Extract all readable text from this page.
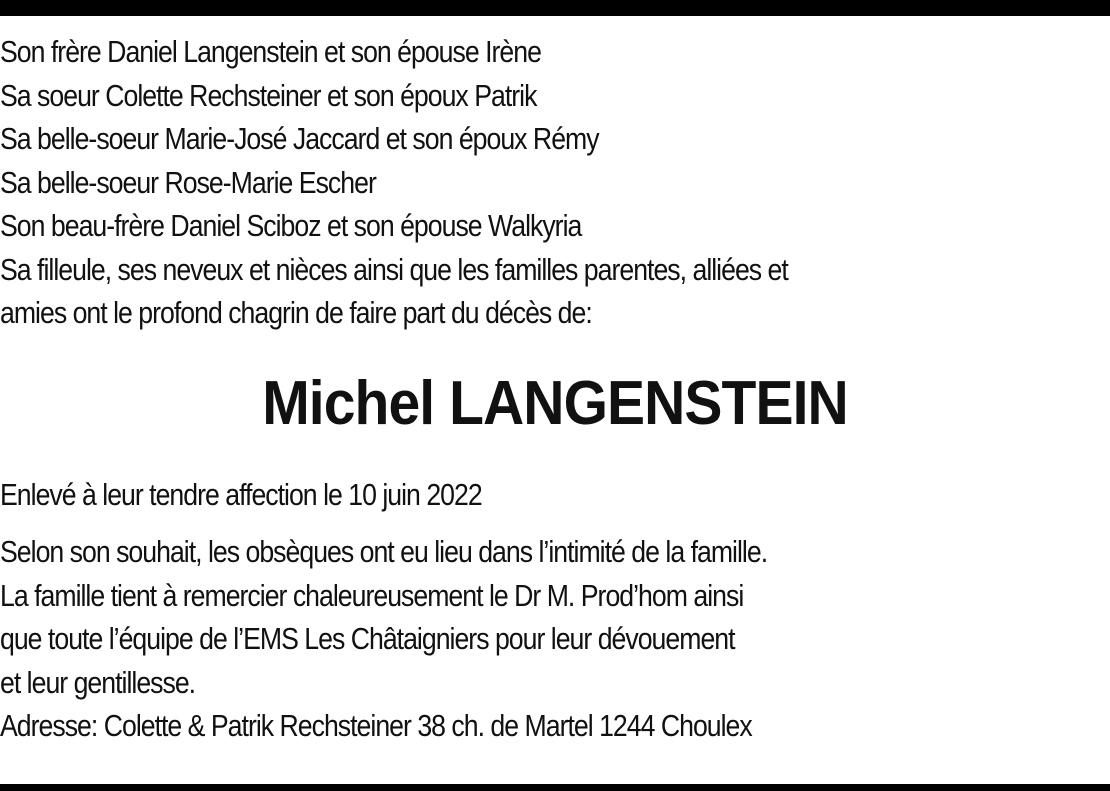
Son frère Daniel Langenstein et son épouse Irène
Sa soeur Colette Rechsteiner et son époux Patrik
Sa belle-soeur Marie-José Jaccard et son époux Rémy
Sa belle-soeur Rose-Marie Escher
Son beau-frère Daniel Sciboz et son épouse Walkyria
Sa filleule, ses neveux et nièces ainsi que les familles parentes, alliées et
amies ont le profond chagrin de faire part du décès de:
Michel LANGENSTEIN
Enlevé à leur tendre affection le 10 juin 2022
Selon son souhait, les obsèques ont eu lieu dans l’intimité de la famille.
La famille tient à remercier chaleureusement le Dr M. Prod’hom ainsi
que toute l’équipe de l’EMS Les Châtaigniers pour leur dévouement
et leur gentillesse.
Adresse: Colette & Patrik Rechsteiner 38 ch. de Martel 1244 Choulex
